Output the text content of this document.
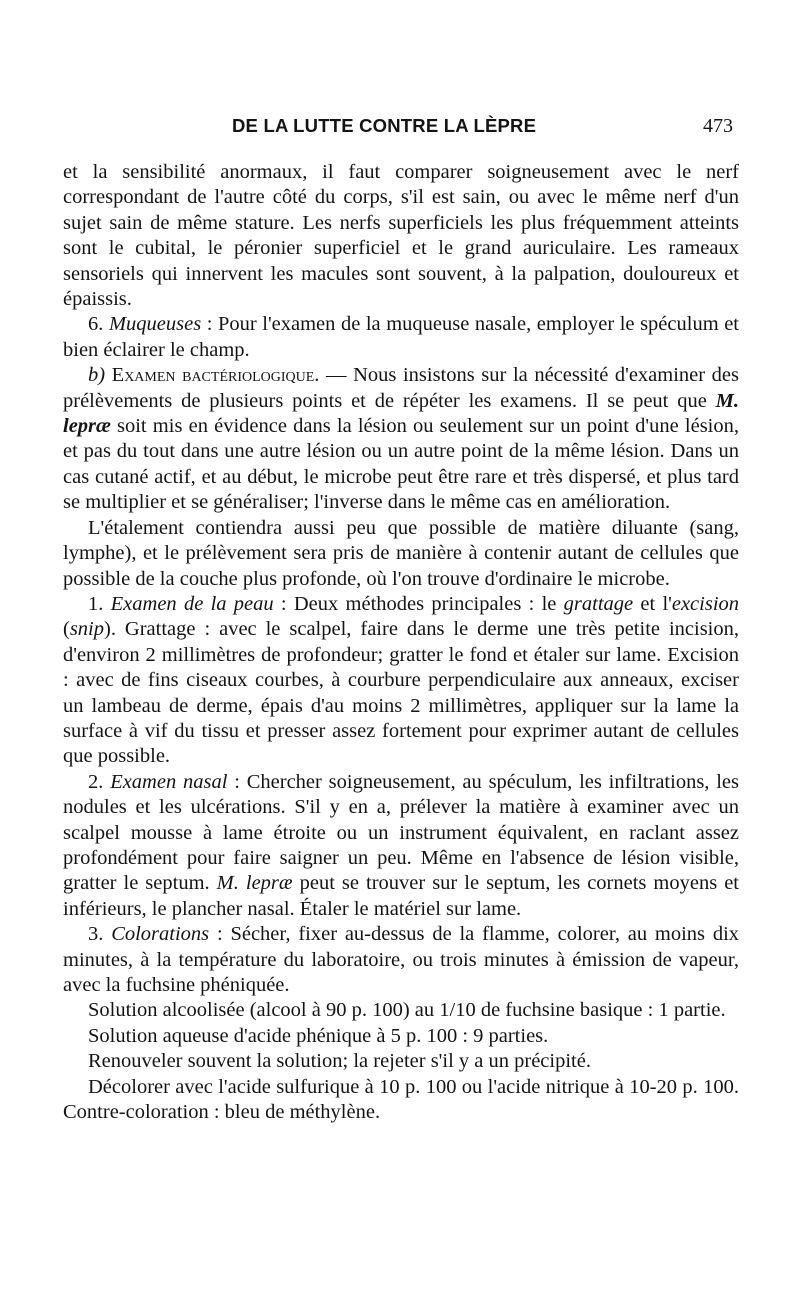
DE LA LUTTE CONTRE LA LÈPRE	473

et la sensibilité anormaux, il faut comparer soigneusement avec le nerf correspondant de l'autre côté du corps, s'il est sain, ou avec le même nerf d'un sujet sain de même stature. Les nerfs superficiels les plus fréquemment atteints sont le cubital, le péronier superficiel et le grand auriculaire. Les rameaux sensoriels qui innervent les macules sont souvent, à la palpation, douloureux et épaissis.

6. Muqueuses : Pour l'examen de la muqueuse nasale, employer le spéculum et bien éclairer le champ.

b) Examen bactériologique. — Nous insistons sur la nécessité d'examiner des prélèvements de plusieurs points et de répéter les examens. Il se peut que M. lepræ soit mis en évidence dans la lésion ou seulement sur un point d'une lésion, et pas du tout dans une autre lésion ou un autre point de la même lésion. Dans un cas cutané actif, et au début, le microbe peut être rare et très dispersé, et plus tard se multiplier et se généraliser; l'inverse dans le même cas en amélioration.

L'étalement contiendra aussi peu que possible de matière diluante (sang, lymphe), et le prélèvement sera pris de manière à contenir autant de cellules que possible de la couche plus profonde, où l'on trouve d'ordinaire le microbe.

1. Examen de la peau : Deux méthodes principales : le grattage et l'excision (snip). Grattage : avec le scalpel, faire dans le derme une très petite incision, d'environ 2 millimètres de profondeur; gratter le fond et étaler sur lame. Excision : avec de fins ciseaux courbes, à courbure perpendiculaire aux anneaux, exciser un lambeau de derme, épais d'au moins 2 millimètres, appliquer sur la lame la surface à vif du tissu et presser assez fortement pour exprimer autant de cellules que possible.

2. Examen nasal : Chercher soigneusement, au spéculum, les infiltrations, les nodules et les ulcérations. S'il y en a, prélever la matière à examiner avec un scalpel mousse à lame étroite ou un instrument équivalent, en raclant assez profondément pour faire saigner un peu. Même en l'absence de lésion visible, gratter le septum. M. lepræ peut se trouver sur le septum, les cornets moyens et inférieurs, le plancher nasal. Étaler le matériel sur lame.

3. Colorations : Sécher, fixer au-dessus de la flamme, colorer, au moins dix minutes, à la température du laboratoire, ou trois minutes à émission de vapeur, avec la fuchsine phéniquée.

Solution alcoolisée (alcool à 90 p. 100) au 1/10 de fuchsine basique : 1 partie.

Solution aqueuse d'acide phénique à 5 p. 100 : 9 parties.

Renouveler souvent la solution; la rejeter s'il y a un précipité.

Décolorer avec l'acide sulfurique à 10 p. 100 ou l'acide nitrique à 10-20 p. 100. Contre-coloration : bleu de méthylène.
